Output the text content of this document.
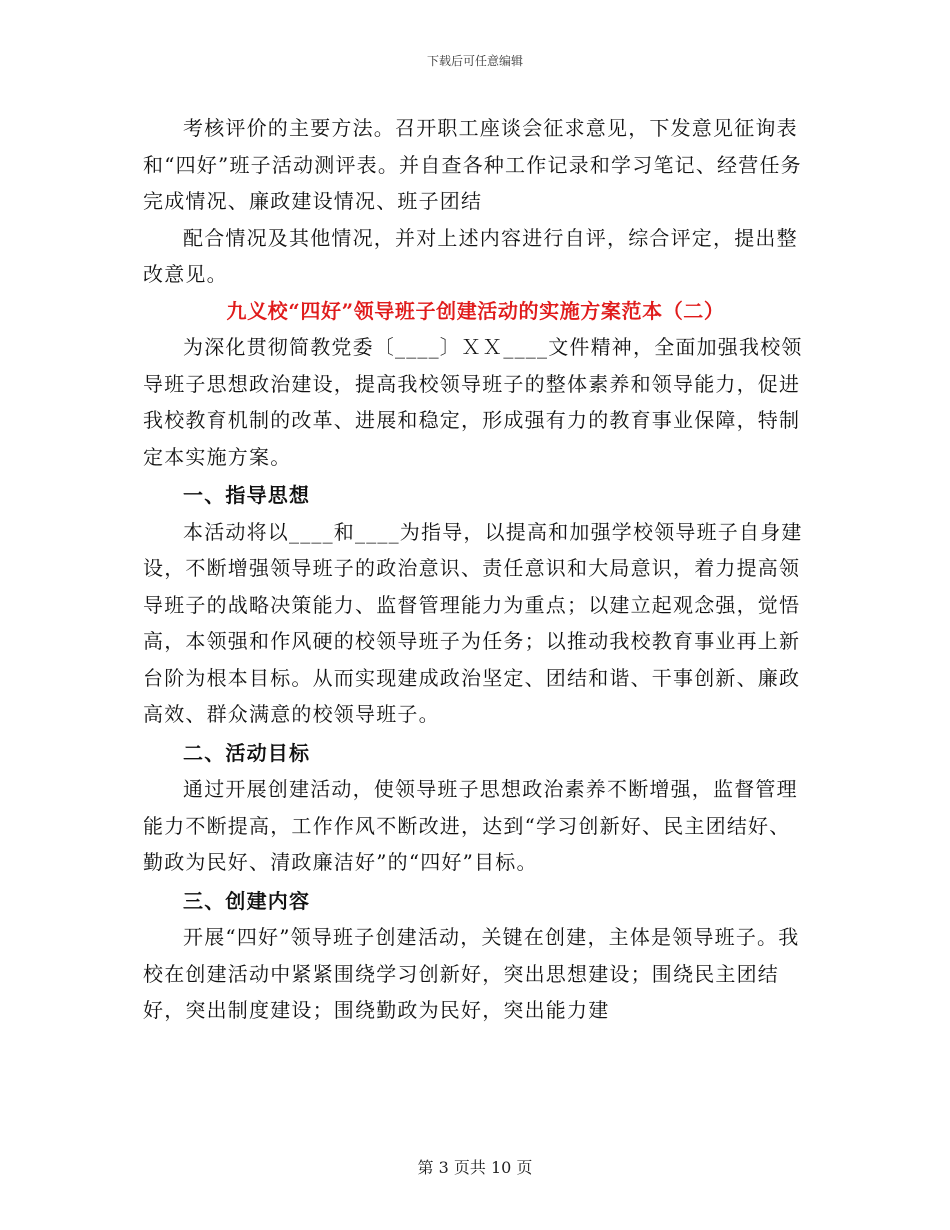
下载后可任意编辑

考核评价的主要方法。召开职工座谈会征求意见，下发意见征询表和“四好”班子活动测评表。并自查各种工作记录和学习笔记、经营任务完成情况、廉政建设情况、班子团结

配合情况及其他情况，并对上述内容进行自评，综合评定，提出整改意见。

九义校“四好”领导班子创建活动的实施方案范本（二）

为深化贯彻简教党委〔____〕ＸＸ____文件精神，全面加强我校领导班子思想政治建设，提高我校领导班子的整体素养和领导能力，促进我校教育机制的改革、进展和稳定，形成强有力的教育事业保障，特制定本实施方案。

一、指导思想

本活动将以____和____为指导，以提高和加强学校领导班子自身建设，不断增强领导班子的政治意识、责任意识和大局意识，着力提高领导班子的战略决策能力、监督管理能力为重点；以建立起观念强，觉悟高，本领强和作风硬的校领导班子为任务；以推动我校教育事业再上新台阶为根本目标。从而实现建成政治坚定、团结和谐、干事创新、廉政高效、群众满意的校领导班子。

二、活动目标

通过开展创建活动，使领导班子思想政治素养不断增强，监督管理能力不断提高，工作作风不断改进，达到“学习创新好、民主团结好、勤政为民好、清政廉洁好”的“四好”目标。

三、创建内容

开展“四好”领导班子创建活动，关键在创建，主体是领导班子。我校在创建活动中紧紧围绕学习创新好，突出思想建设；围绕民主团结好，突出制度建设；围绕勤政为民好，突出能力建

第 3 页共 10 页
